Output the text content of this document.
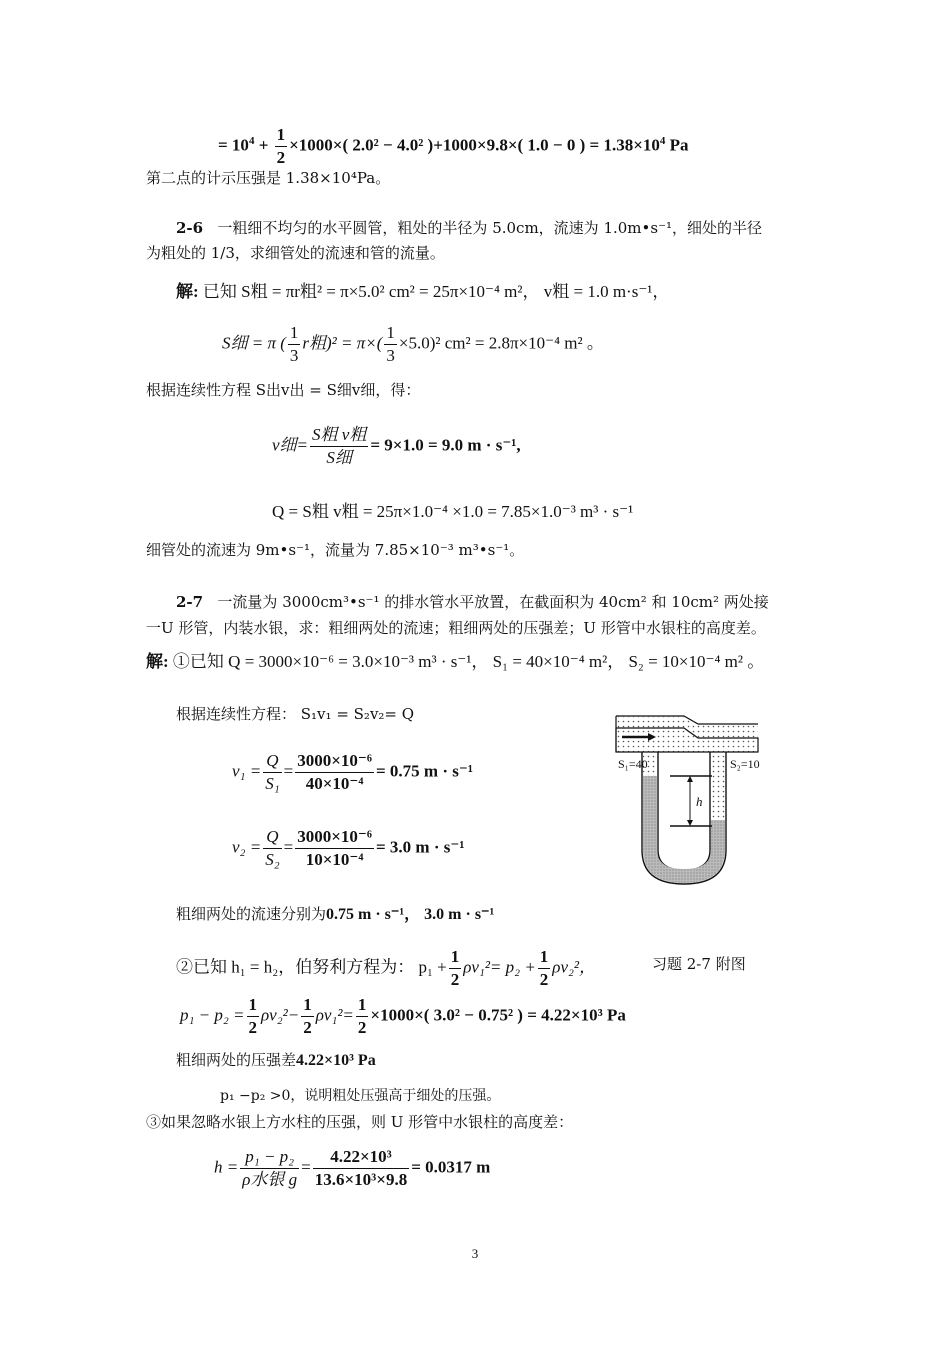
= $10^4 + \frac{1}{2} \times 1000\times$( 2.0² − 4.0² )+1000×9.8×( 1.0 − 0 ) = $1.38\times 10^4$ Pa
第二点的计示压强是 1.38×10⁴Pa。
2-6 一粗细不均匀的水平圆管，粗处的半径为 5.0cm，流速为 1.0m•s⁻¹，细处的半径
为粗处的 1/3，求细管处的流速和管的流量。
解: 已知 S粗 = πr粗² = π×5.0² cm² = 25π×10⁻⁴ m²， v粗 = 1.0 m·s⁻¹，
S细 = π ( $\frac{1}{3}$ r粗)$^2 = \pi\times( \frac{1}{3} \times 5.0)^2$ cm² = 2.8π×10⁻⁴ m² 。
根据连续性方程 S出v出 = S细v细，得：
v细= $\frac{\text{S粗 v粗}}{\text{S细}} = 9\times 1.0 = 9.0$ m · s⁻¹,
Q = S粗 v粗 = 25π×1.0⁻⁴ ×1.0 = 7.85×1.0⁻³ m³ · s⁻¹
细管处的流速为 9m•s⁻¹，流量为 7.85×10⁻³ m³•s⁻¹。
2-7 一流量为 3000cm³•s⁻¹ 的排水管水平放置，在截面积为 40cm² 和 10cm² 两处接
一U 形管，内装水银，求：粗细两处的流速；粗细两处的压强差；U 形管中水银柱的高度差。
解: ①已知 Q = 3000×10⁻⁶ = 3.0×10⁻³ m³ · s⁻¹， S₁ = 40×10⁻⁴ m²， S₂ = 10×10⁻⁴ m² 。
根据连续性方程： S₁v₁ = S₂v₂= Q
$v_1 = \frac{Q}{\text{S₁}} = \frac{\text{3000×10⁻⁶}}{\text{40×10⁻⁴}} = 0.75$ m · s⁻¹
$v_2 = \frac{Q}{\text{S₂}} = \frac{\text{3000×10⁻⁶}}{\text{10×10⁻⁴}} = 3.0$ m · s⁻¹
粗细两处的流速分别为0.75 m · s⁻¹， 3.0 m · s⁻¹
②已知 h₁ = h₂，伯努利方程为： $p_1 + \frac{1}{2} \rho v_1^2= p_2 + \frac{1}{2} \rho v_2^2$，	习题 2-7 附图
$p_1 - p_2 = \frac{1}{2} \rho v_2^2- \frac{1}{2} \rho v_1^2= \frac{1}{2} \times 1000\times$( 3.0² − 0.75² ) = 4.22×10³ Pa
粗细两处的压强差4.22×10³ Pa
p₁ −p₂ >0，说明粗处压强高于细处的压强。
③如果忽略水银上方水柱的压强，则 U 形管中水银柱的高度差：
$h = \frac{\text{p₁ − p₂}}{\text{ρ水银 g}} = \frac{\text{4.22×10³}}{\text{13.6×10³×9.8}} = 0.0317$ m
S₁=40	S₂=10
h
3
